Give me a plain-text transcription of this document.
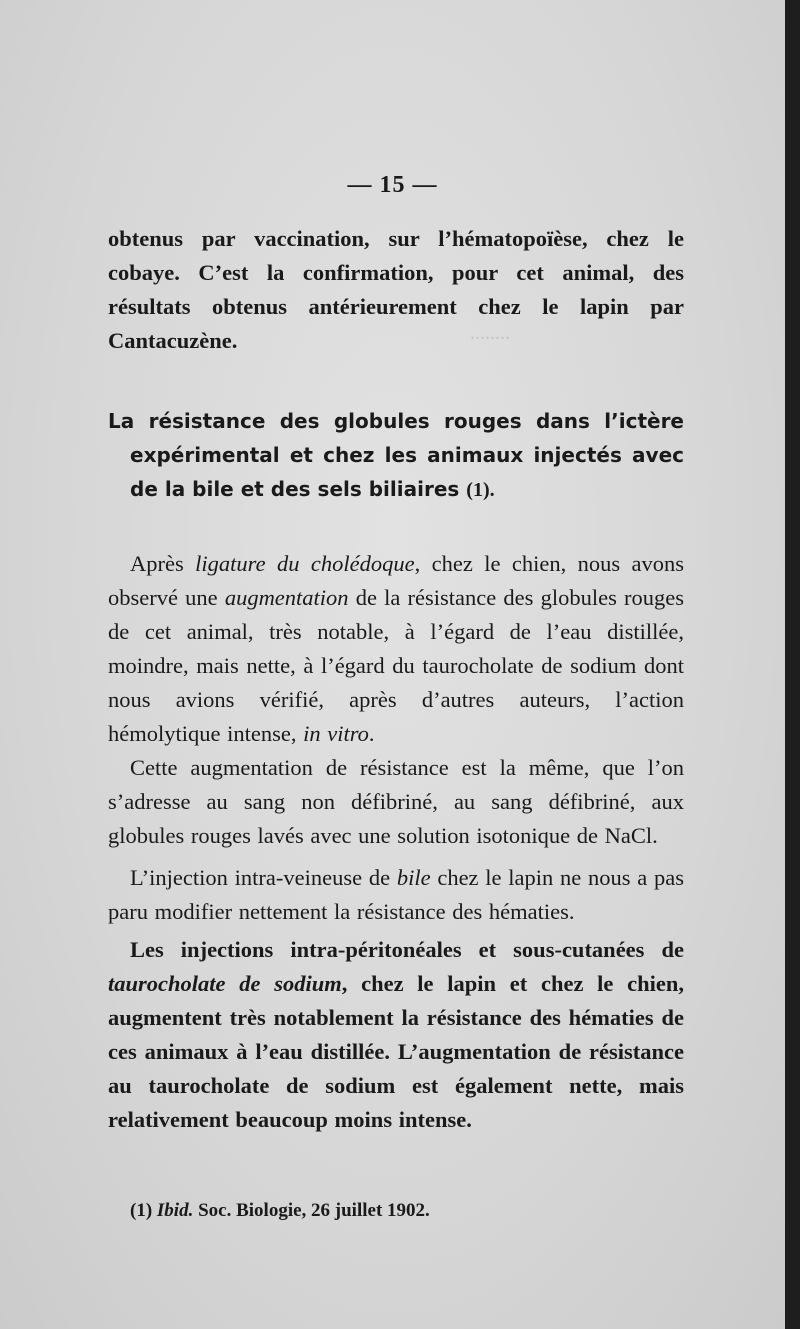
........
— 15 —

obtenus par vaccination, sur l’hématopoïèse, chez le cobaye. C’est la confirmation, pour cet animal, des résultats obtenus antérieurement chez le lapin par Cantacuzène.

La résistance des globules rouges dans l’ictère expérimental et chez les animaux injectés avec de la bile et des sels biliaires (1).

Après ligature du cholédoque, chez le chien, nous avons observé une augmentation de la résistance des globules rouges de cet animal, très notable, à l’égard de l’eau distillée, moindre, mais nette, à l’égard du taurocholate de sodium dont nous avions vérifié, après d’autres auteurs, l’action hémolytique intense, in vitro.

Cette augmentation de résistance est la même, que l’on s’adresse au sang non défibriné, au sang défibriné, aux globules rouges lavés avec une solution isotonique de NaCl.

L’injection intra-veineuse de bile chez le lapin ne nous a pas paru modifier nettement la résistance des hématies.

Les injections intra-péritonéales et sous-cutanées de taurocholate de sodium, chez le lapin et chez le chien, augmentent très notablement la résistance des hématies de ces animaux à l’eau distillée. L’augmentation de résistance au taurocholate de sodium est également nette, mais relativement beaucoup moins intense.

(1) Ibid. Soc. Biologie, 26 juillet 1902.
